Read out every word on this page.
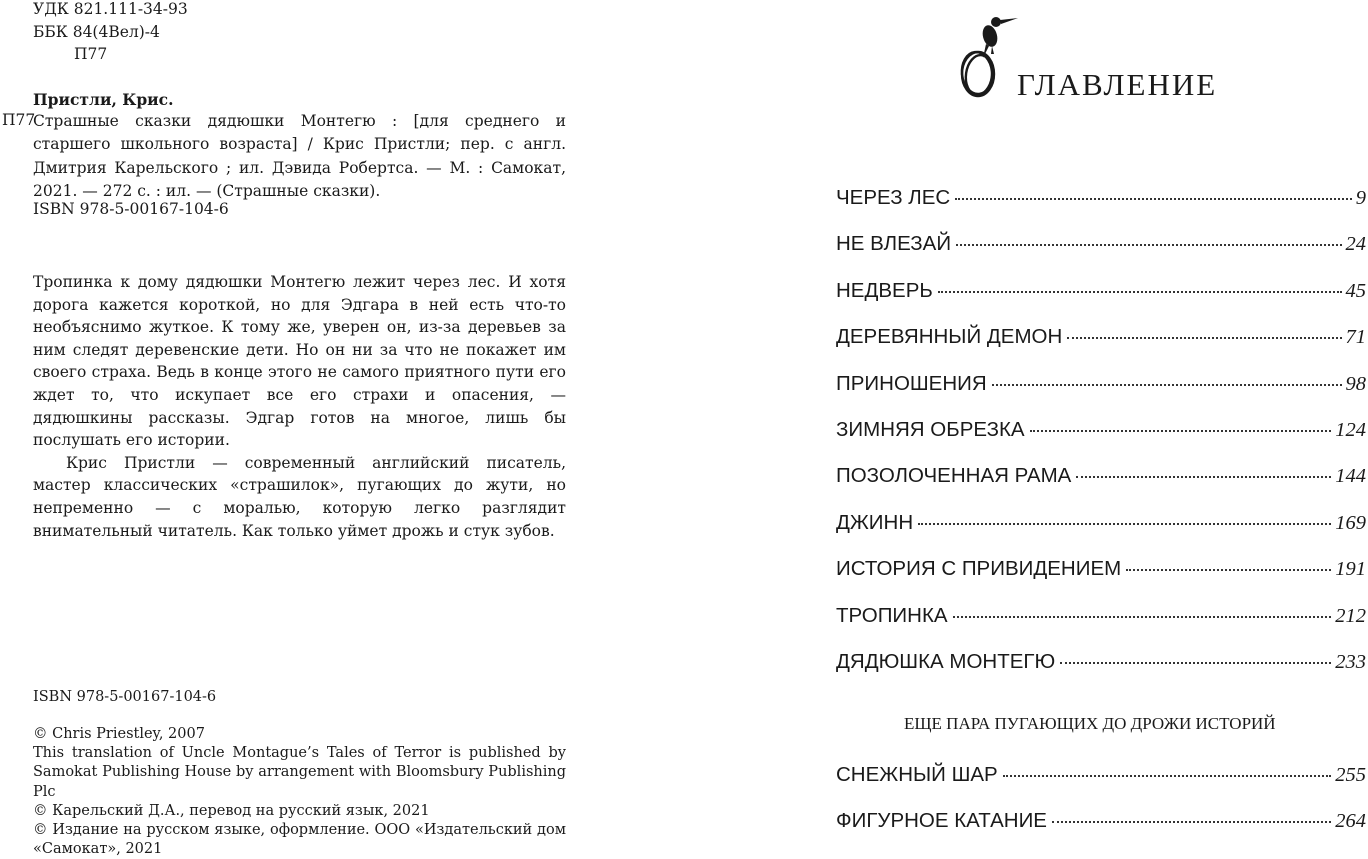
УДК 821.111-34-93
ББК 84(4Вел)-4
П77
Пристли, Крис.
П77
Страшные сказки дядюшки Монтегю : [для среднего и старшего школьного возраста] / Крис Пристли; пер. с англ. Дмитрия Карельского ; ил. Дэвида Робертса. — М. : Самокат, 2021. — 272 с. : ил. — (Страшные сказки).
ISBN 978-5-00167-104-6

Тропинка к дому дядюшки Монтегю лежит через лес. И хотя дорога кажется короткой, но для Эдгара в ней есть что-то необъяснимо жуткое. К тому же, уверен он, из-за деревьев за ним следят деревенские дети. Но он ни за что не покажет им своего страха. Ведь в конце этого не самого приятного пути его ждет то, что искупает все его страхи и опасения, — дядюшкины рассказы. Эдгар готов на многое, лишь бы послушать его истории.

Крис Пристли — современный английский писатель, мастер классических «страшилок», пугающих до жути, но непременно — с моралью, которую легко разглядит внимательный читатель. Как только уймет дрожь и стук зубов.

ISBN 978-5-00167-104-6

© Chris Priestley, 2007

This translation of Uncle Montague’s Tales of Terror is published by Samokat Publishing House by arrangement with Bloomsbury Publishing Plc

© Карельский Д.А., перевод на русский язык, 2021

© Издание на русском языке, оформление. ООО «Издательский дом «Самокат», 2021

О
ГЛАВЛЕНИЕ
ЧЕРЕЗ ЛЕС	9
НЕ ВЛЕЗАЙ	24
НЕДВЕРЬ	45
ДЕРЕВЯННЫЙ ДЕМОН	71
ПРИНОШЕНИЯ	98
ЗИМНЯЯ ОБРЕЗКА	124
ПОЗОЛОЧЕННАЯ РАМА	144
ДЖИНН	169
ИСТОРИЯ С ПРИВИДЕНИЕМ	191
ТРОПИНКА	212
ДЯДЮШКА МОНТЕГЮ	233
ЕЩЕ ПАРА ПУГАЮЩИХ ДО ДРОЖИ ИСТОРИЙ
СНЕЖНЫЙ ШАР	255
ФИГУРНОЕ КАТАНИЕ	264
